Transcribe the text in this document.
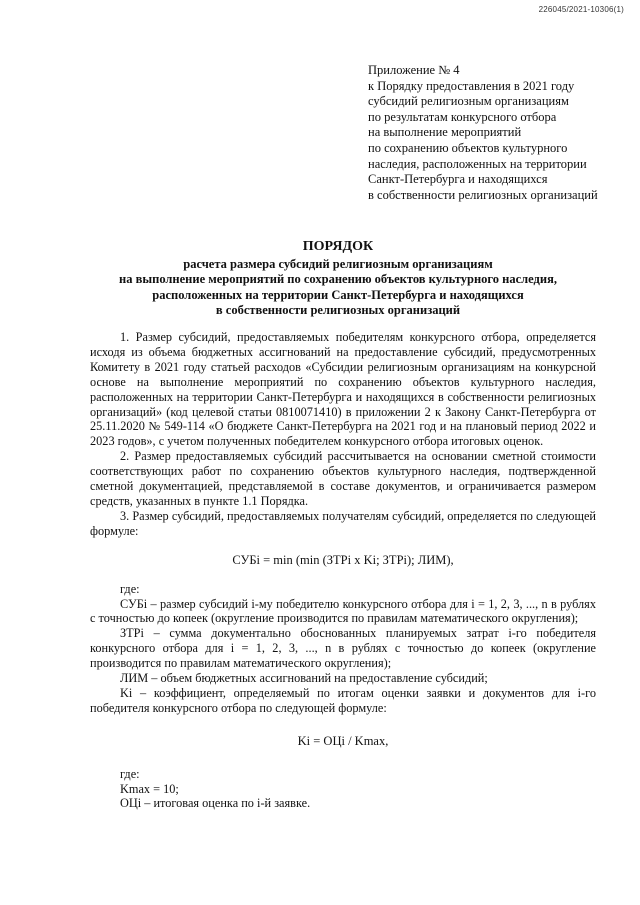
226045/2021-10306(1)
Приложение № 4
к Порядку предоставления в 2021 году
субсидий религиозным организациям
по результатам конкурсного отбора
на выполнение мероприятий
по сохранению объектов культурного
наследия, расположенных на территории
Санкт-Петербурга и находящихся
в собственности религиозных организаций
ПОРЯДОК
расчета размера субсидий религиозным организациям
на выполнение мероприятий по сохранению объектов культурного наследия,
расположенных на территории Санкт-Петербурга и находящихся
в собственности религиозных организаций

1. Размер субсидий, предоставляемых победителям конкурсного отбора, определяется исходя из объема бюджетных ассигнований на предоставление субсидий, предусмотренных Комитету в 2021 году статьей расходов «Субсидии религиозным организациям на конкурсной основе на выполнение мероприятий по сохранению объектов культурного наследия, расположенных на территории Санкт-Петербурга и находящихся в собственности религиозных организаций» (код целевой статьи 0810071410) в приложении 2 к Закону Санкт-Петербурга от 25.11.2020 № 549-114 «О бюджете Санкт-Петербурга на 2021 год и на плановый период 2022 и 2023 годов», с учетом полученных победителем конкурсного отбора итоговых оценок.

2. Размер предоставляемых субсидий рассчитывается на основании сметной стоимости соответствующих работ по сохранению объектов культурного наследия, подтвержденной сметной документацией, представляемой в составе документов, и ограничивается размером средств, указанных в пункте 1.1 Порядка.

3. Размер субсидий, предоставляемых получателям субсидий, определяется по следующей формуле:

СУБi = min (min (ЗТРi x Ki; ЗТРi); ЛИМ),

где:

СУБi – размер субсидий i-му победителю конкурсного отбора для i = 1, 2, 3, ..., n в рублях с точностью до копеек (округление производится по правилам математического округления);

ЗТРi – сумма документально обоснованных планируемых затрат i-го победителя конкурсного отбора для i = 1, 2, 3, ..., n в рублях с точностью до копеек (округление производится по правилам математического округления);

ЛИМ – объем бюджетных ассигнований на предоставление субсидий;

Ki – коэффициент, определяемый по итогам оценки заявки и документов для i-го победителя конкурсного отбора по следующей формуле:

Ki = ОЦi / Kmax,

где:

Kmax = 10;

ОЦi – итоговая оценка по i-й заявке.
